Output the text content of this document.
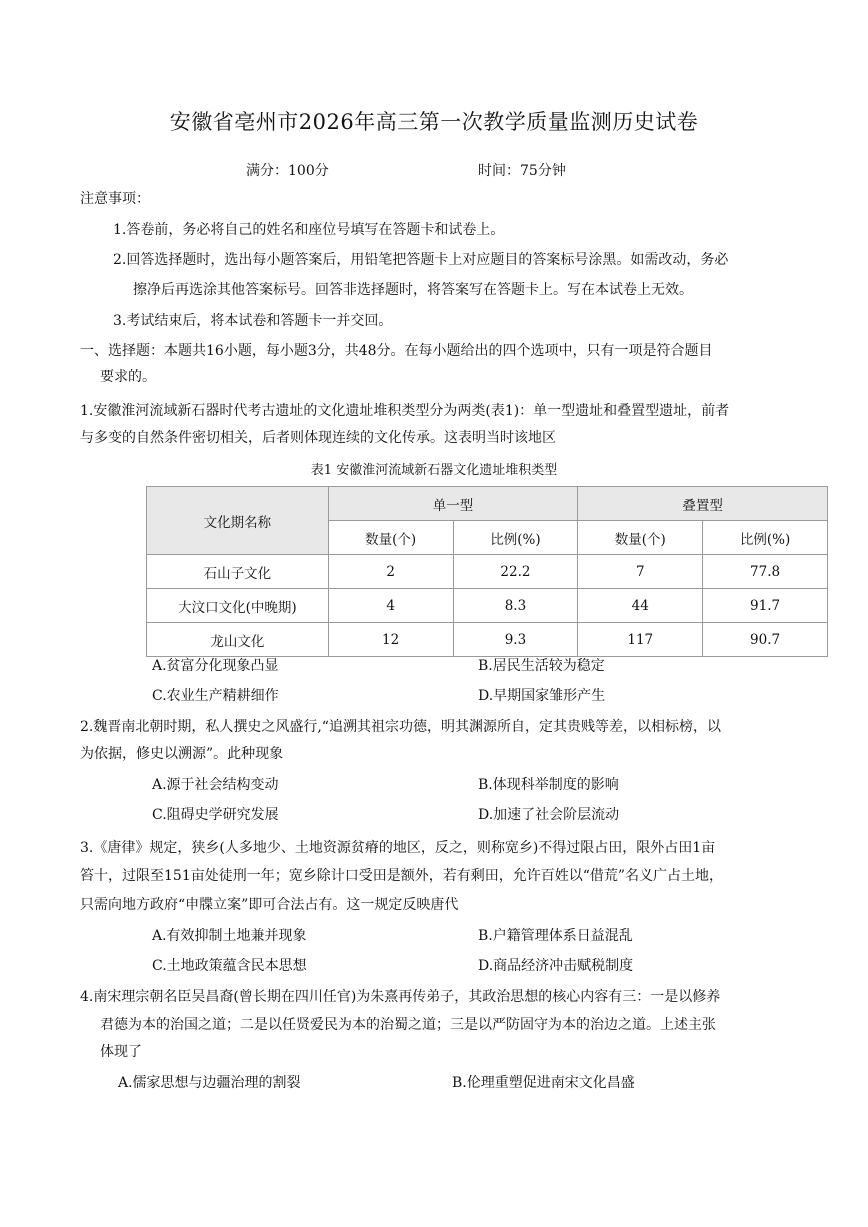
安徽省亳州市2026年高三第一次教学质量监测历史试卷
满分：100分	时间：75分钟
注意事项：
1.答卷前，务必将自己的姓名和座位号填写在答题卡和试卷上。
2.回答选择题时，选出每小题答案后，用铅笔把答题卡上对应题目的答案标号涂黑。如需改动，务必
擦净后再选涂其他答案标号。回答非选择题时，将答案写在答题卡上。写在本试卷上无效。
3.考试结束后，将本试卷和答题卡一并交回。
一、选择题：本题共16小题，每小题3分，共48分。在每小题给出的四个选项中，只有一项是符合题目
要求的。
1.安徽淮河流域新石器时代考古遗址的文化遗址堆积类型分为两类(表1)：单一型遗址和叠置型遗址，前者
与多变的自然条件密切相关，后者则体现连续的文化传承。这表明当时该地区
表1 安徽淮河流域新石器文化遗址堆积类型
文化期名称	单一型		叠置型	
	数量(个)	比例(%)	数量(个)	比例(%)
石山子文化	2	22.2	7	77.8
大汶口文化(中晚期)	4	8.3	44	91.7
龙山文化	12	9.3	117	90.7
A.贫富分化现象凸显	B.居民生活较为稳定
C.农业生产精耕细作	D.早期国家雏形产生
2.魏晋南北朝时期，私人撰史之风盛行,“追溯其祖宗功德，明其渊源所自，定其贵贱等差，以相标榜，以
为依据，修史以溯源”。此种现象
A.源于社会结构变动	B.体现科举制度的影响
C.阻碍史学研究发展	D.加速了社会阶层流动
3.《唐律》规定，狭乡(人多地少、土地资源贫瘠的地区，反之，则称宽乡)不得过限占田，限外占田1亩
笞十，过限至151亩处徒刑一年；宽乡除计口受田是额外，若有剩田，允许百姓以“借荒”名义广占土地，
只需向地方政府“申牒立案”即可合法占有。这一规定反映唐代
A.有效抑制土地兼并现象	B.户籍管理体系日益混乱
C.土地政策蕴含民本思想	D.商品经济冲击赋税制度
4.南宋理宗朝名臣吴昌裔(曾长期在四川任官)为朱熹再传弟子，其政治思想的核心内容有三：一是以修养
君德为本的治国之道；二是以任贤爱民为本的治蜀之道；三是以严防固守为本的治边之道。上述主张
体现了
A.儒家思想与边疆治理的割裂	B.伦理重塑促进南宋文化昌盛
